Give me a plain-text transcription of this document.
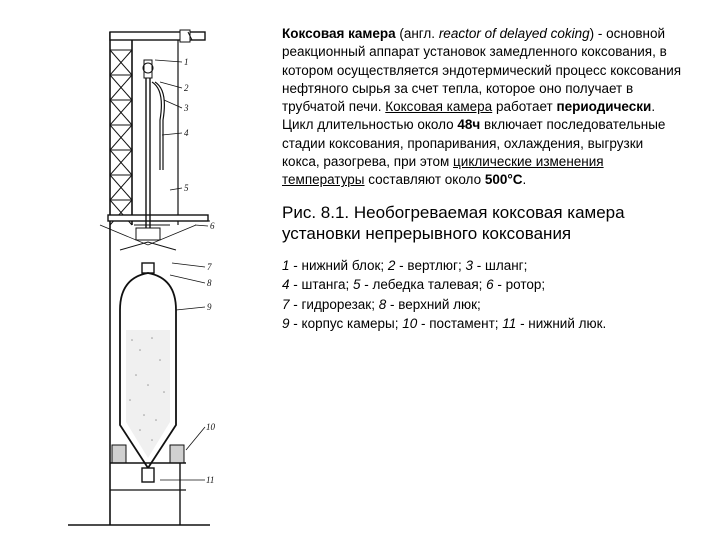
1
2
3
4
5
6
7
8
9
10
11

Коксовая камера (англ. reactor of delayed coking) - основной реакционный аппарат установок замедленного коксования, в котором осуществляется эндотермический процесс коксования нефтяного сырья за счет тепла, которое оно получает в трубчатой печи. Коксовая камера работает периодически. Цикл длительностью около 48ч включает последовательные стадии коксования, пропаривания, охлаждения, выгрузки кокса, разогрева, при этом циклические изменения температуры составляют около 500°С.

Рис. 8.1. Необогреваемая коксовая камера установки непрерывного коксования

1 - нижний блок; 2 - вертлюг; 3 - шланг;
4 - штанга; 5 - лебедка талевая; 6 - ротор;
7 - гидрорезак; 8 - верхний люк;
9 - корпус камеры; 10 - постамент; 11 - нижний люк.
